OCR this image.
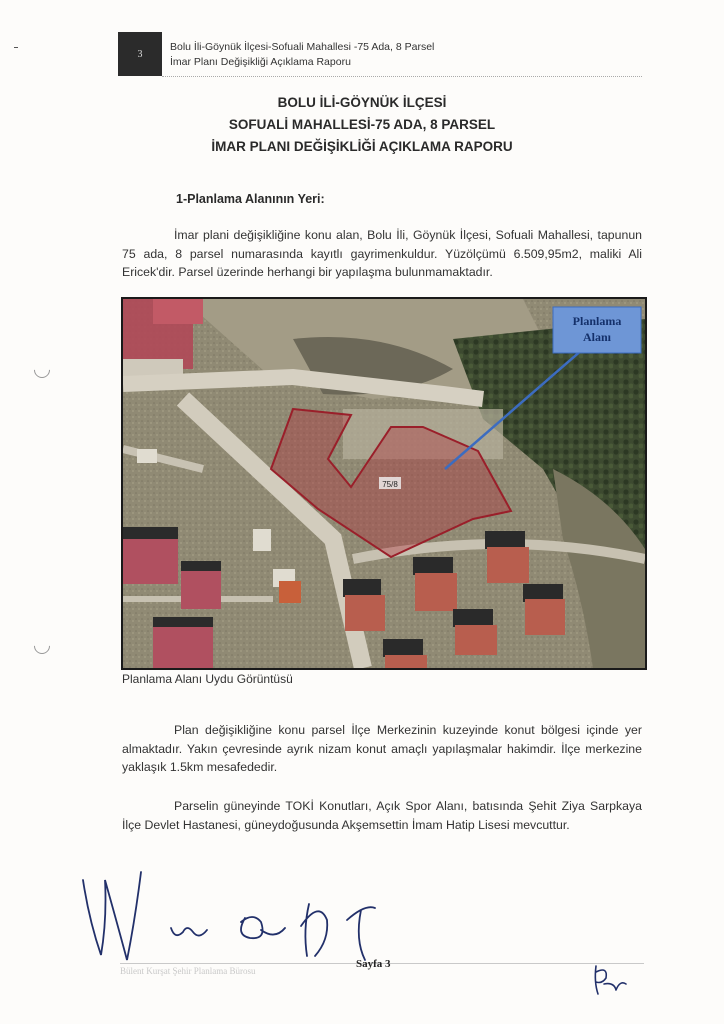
3
Bolu İli-Göynük İlçesi-Sofuali Mahallesi -75 Ada, 8 Parsel
İmar Planı Değişikliği Açıklama Raporu
BOLU İLİ-GÖYNÜK İLÇESİ
SOFUALİ MAHALLESİ-75 ADA, 8 PARSEL
İMAR PLANI DEĞİŞİKLİĞİ AÇIKLAMA RAPORU
1-Planlama Alanının Yeri:
İmar plani değişikliğine konu alan, Bolu İli, Göynük İlçesi, Sofuali Mahallesi, tapunun 75 ada, 8 parsel numarasında kayıtlı gayrimenkuldur. Yüzölçümü 6.509,95m2, maliki Ali Ericek'dir. Parsel üzerinde herhangi bir yapılaşma bulunmamaktadır.
Planlama
Alanı
75/8
Planlama Alanı Uydu Görüntüsü
Plan değişikliğine konu parsel İlçe Merkezinin kuzeyinde konut bölgesi içinde yer almaktadır. Yakın çevresinde ayrık nizam konut amaçlı yapılaşmalar hakimdir. İlçe merkezine yaklaşık 1.5km mesafededir.
Parselin güneyinde TOKİ Konutları, Açık Spor Alanı, batısında Şehit Ziya Sarpkaya İlçe Devlet Hastanesi, güneydoğusunda Akşemsettin İmam Hatip Lisesi mevcuttur.
Bülent Kurşat Şehir Planlama Bürosu
Sayfa 3
